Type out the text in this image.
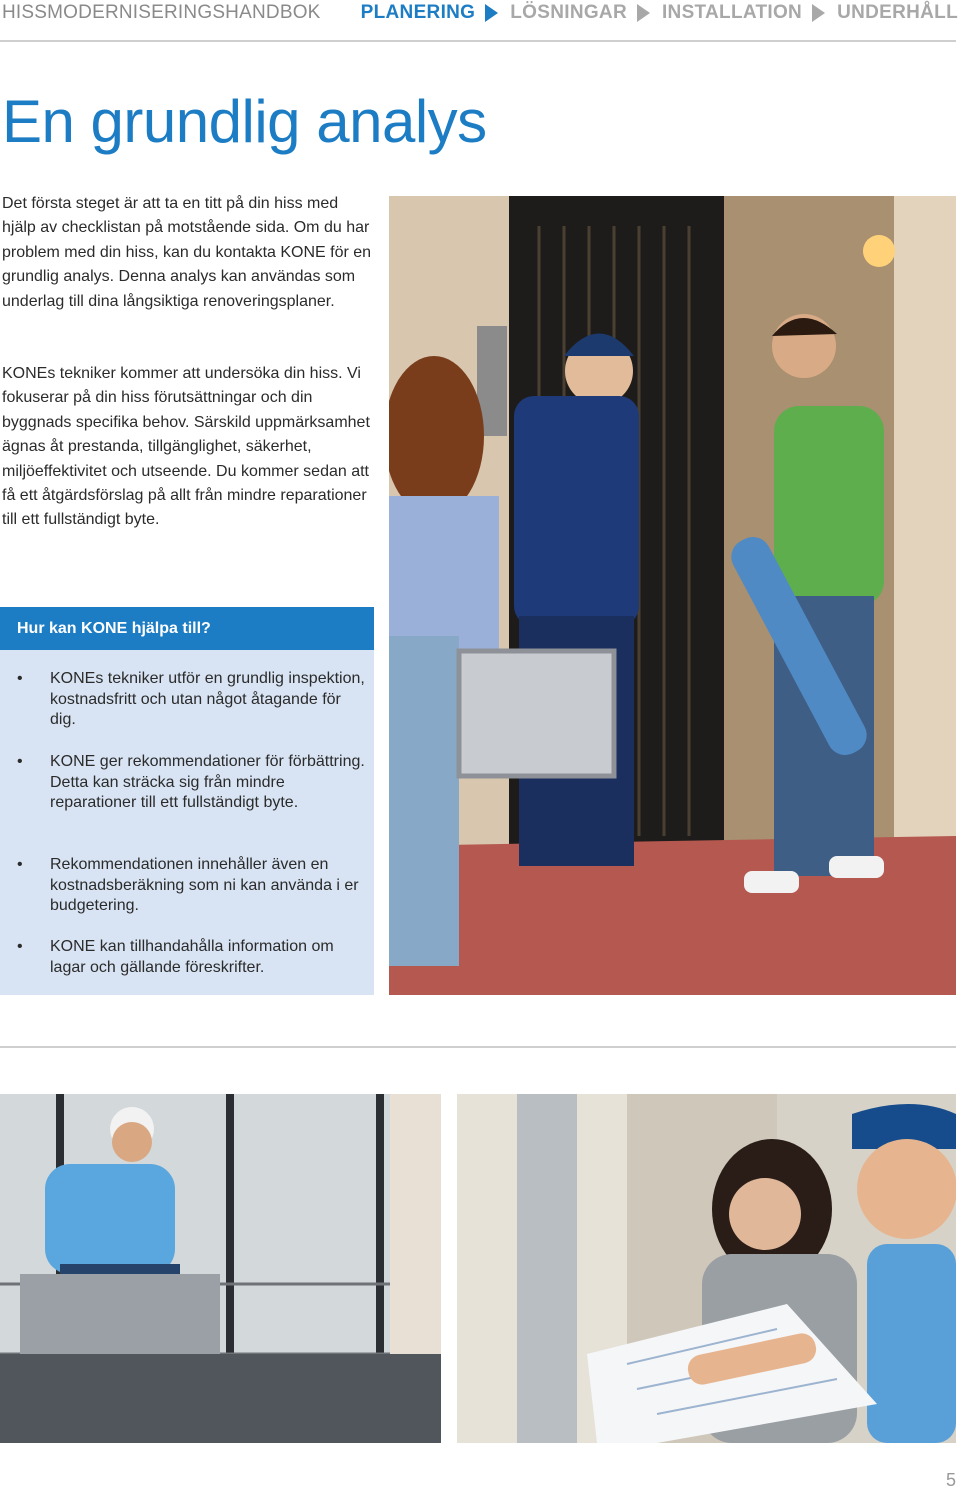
HISSMODERNISERINGSHANDBOK PLANERING LÖSNINGAR INSTALLATION UNDERHÅLL
En grundlig analys

Det första steget är att ta en titt på din hiss med hjälp av checklistan på motstående sida. Om du har problem med din hiss, kan du kontakta KONE för en grundlig analys. Denna analys kan användas som underlag till dina långsiktiga renoveringsplaner.

KONEs tekniker kommer att undersöka din hiss. Vi fokuserar på din hiss förutsättningar och din byggnads specifika behov. Särskild uppmärksamhet ägnas åt prestanda, tillgänglighet, säkerhet, miljöeffektivitet och utseende. Du kommer sedan att få ett åtgärdsförslag på allt från mindre reparationer till ett fullständigt byte.

Hur kan KONE hjälpa till?
• KONEs tekniker utför en grundlig inspektion, kostnadsfritt och utan något åtagande för dig.
• KONE ger rekommendationer för förbättring. Detta kan sträcka sig från mindre reparationer till ett fullständigt byte.
• Rekommendationen innehåller även en kostnadsberäkning som ni kan använda i er budgetering.
• KONE kan tillhandahålla information om lagar och gällande föreskrifter.
5
